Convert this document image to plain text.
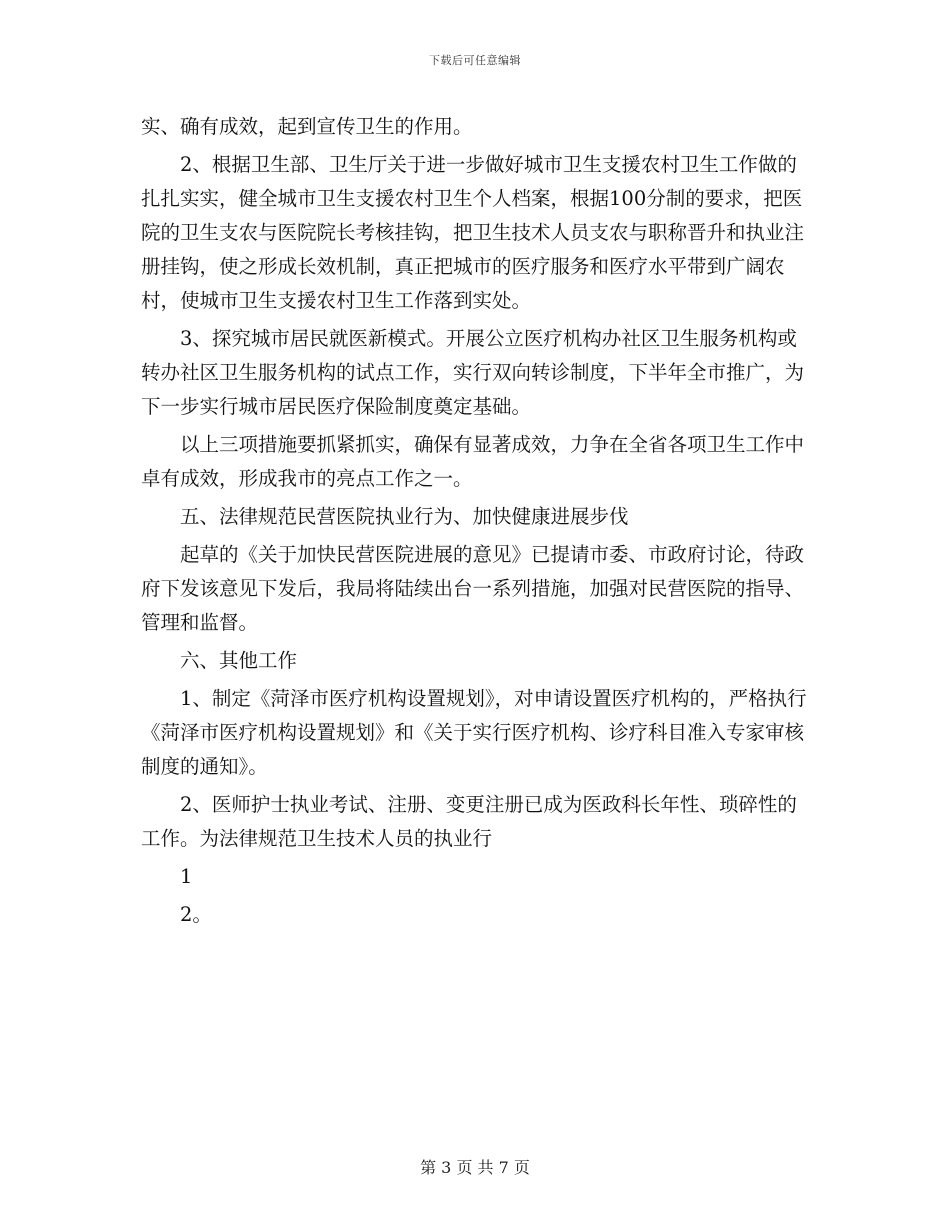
下载后可任意编辑

实、确有成效，起到宣传卫生的作用。

2、根据卫生部、卫生厅关于进一步做好城市卫生支援农村卫生工作做的扎扎实实，健全城市卫生支援农村卫生个人档案，根据100分制的要求，把医院的卫生支农与医院院长考核挂钩，把卫生技术人员支农与职称晋升和执业注册挂钩，使之形成长效机制，真正把城市的医疗服务和医疗水平带到广阔农村，使城市卫生支援农村卫生工作落到实处。

3、探究城市居民就医新模式。开展公立医疗机构办社区卫生服务机构或转办社区卫生服务机构的试点工作，实行双向转诊制度，下半年全市推广，为下一步实行城市居民医疗保险制度奠定基础。

以上三项措施要抓紧抓实，确保有显著成效，力争在全省各项卫生工作中卓有成效，形成我市的亮点工作之一。

五、法律规范民营医院执业行为、加快健康进展步伐

起草的《关于加快民营医院进展的意见》已提请市委、市政府讨论，待政府下发该意见下发后，我局将陆续出台一系列措施，加强对民营医院的指导、管理和监督。

六、其他工作

1、制定《菏泽市医疗机构设置规划》，对申请设置医疗机构的，严格执行《菏泽市医疗机构设置规划》和《关于实行医疗机构、诊疗科目准入专家审核制度的通知》。

2、医师护士执业考试、注册、变更注册已成为医政科长年性、琐碎性的工作。为法律规范卫生技术人员的执业行

1

2。

第 3 页 共 7 页
